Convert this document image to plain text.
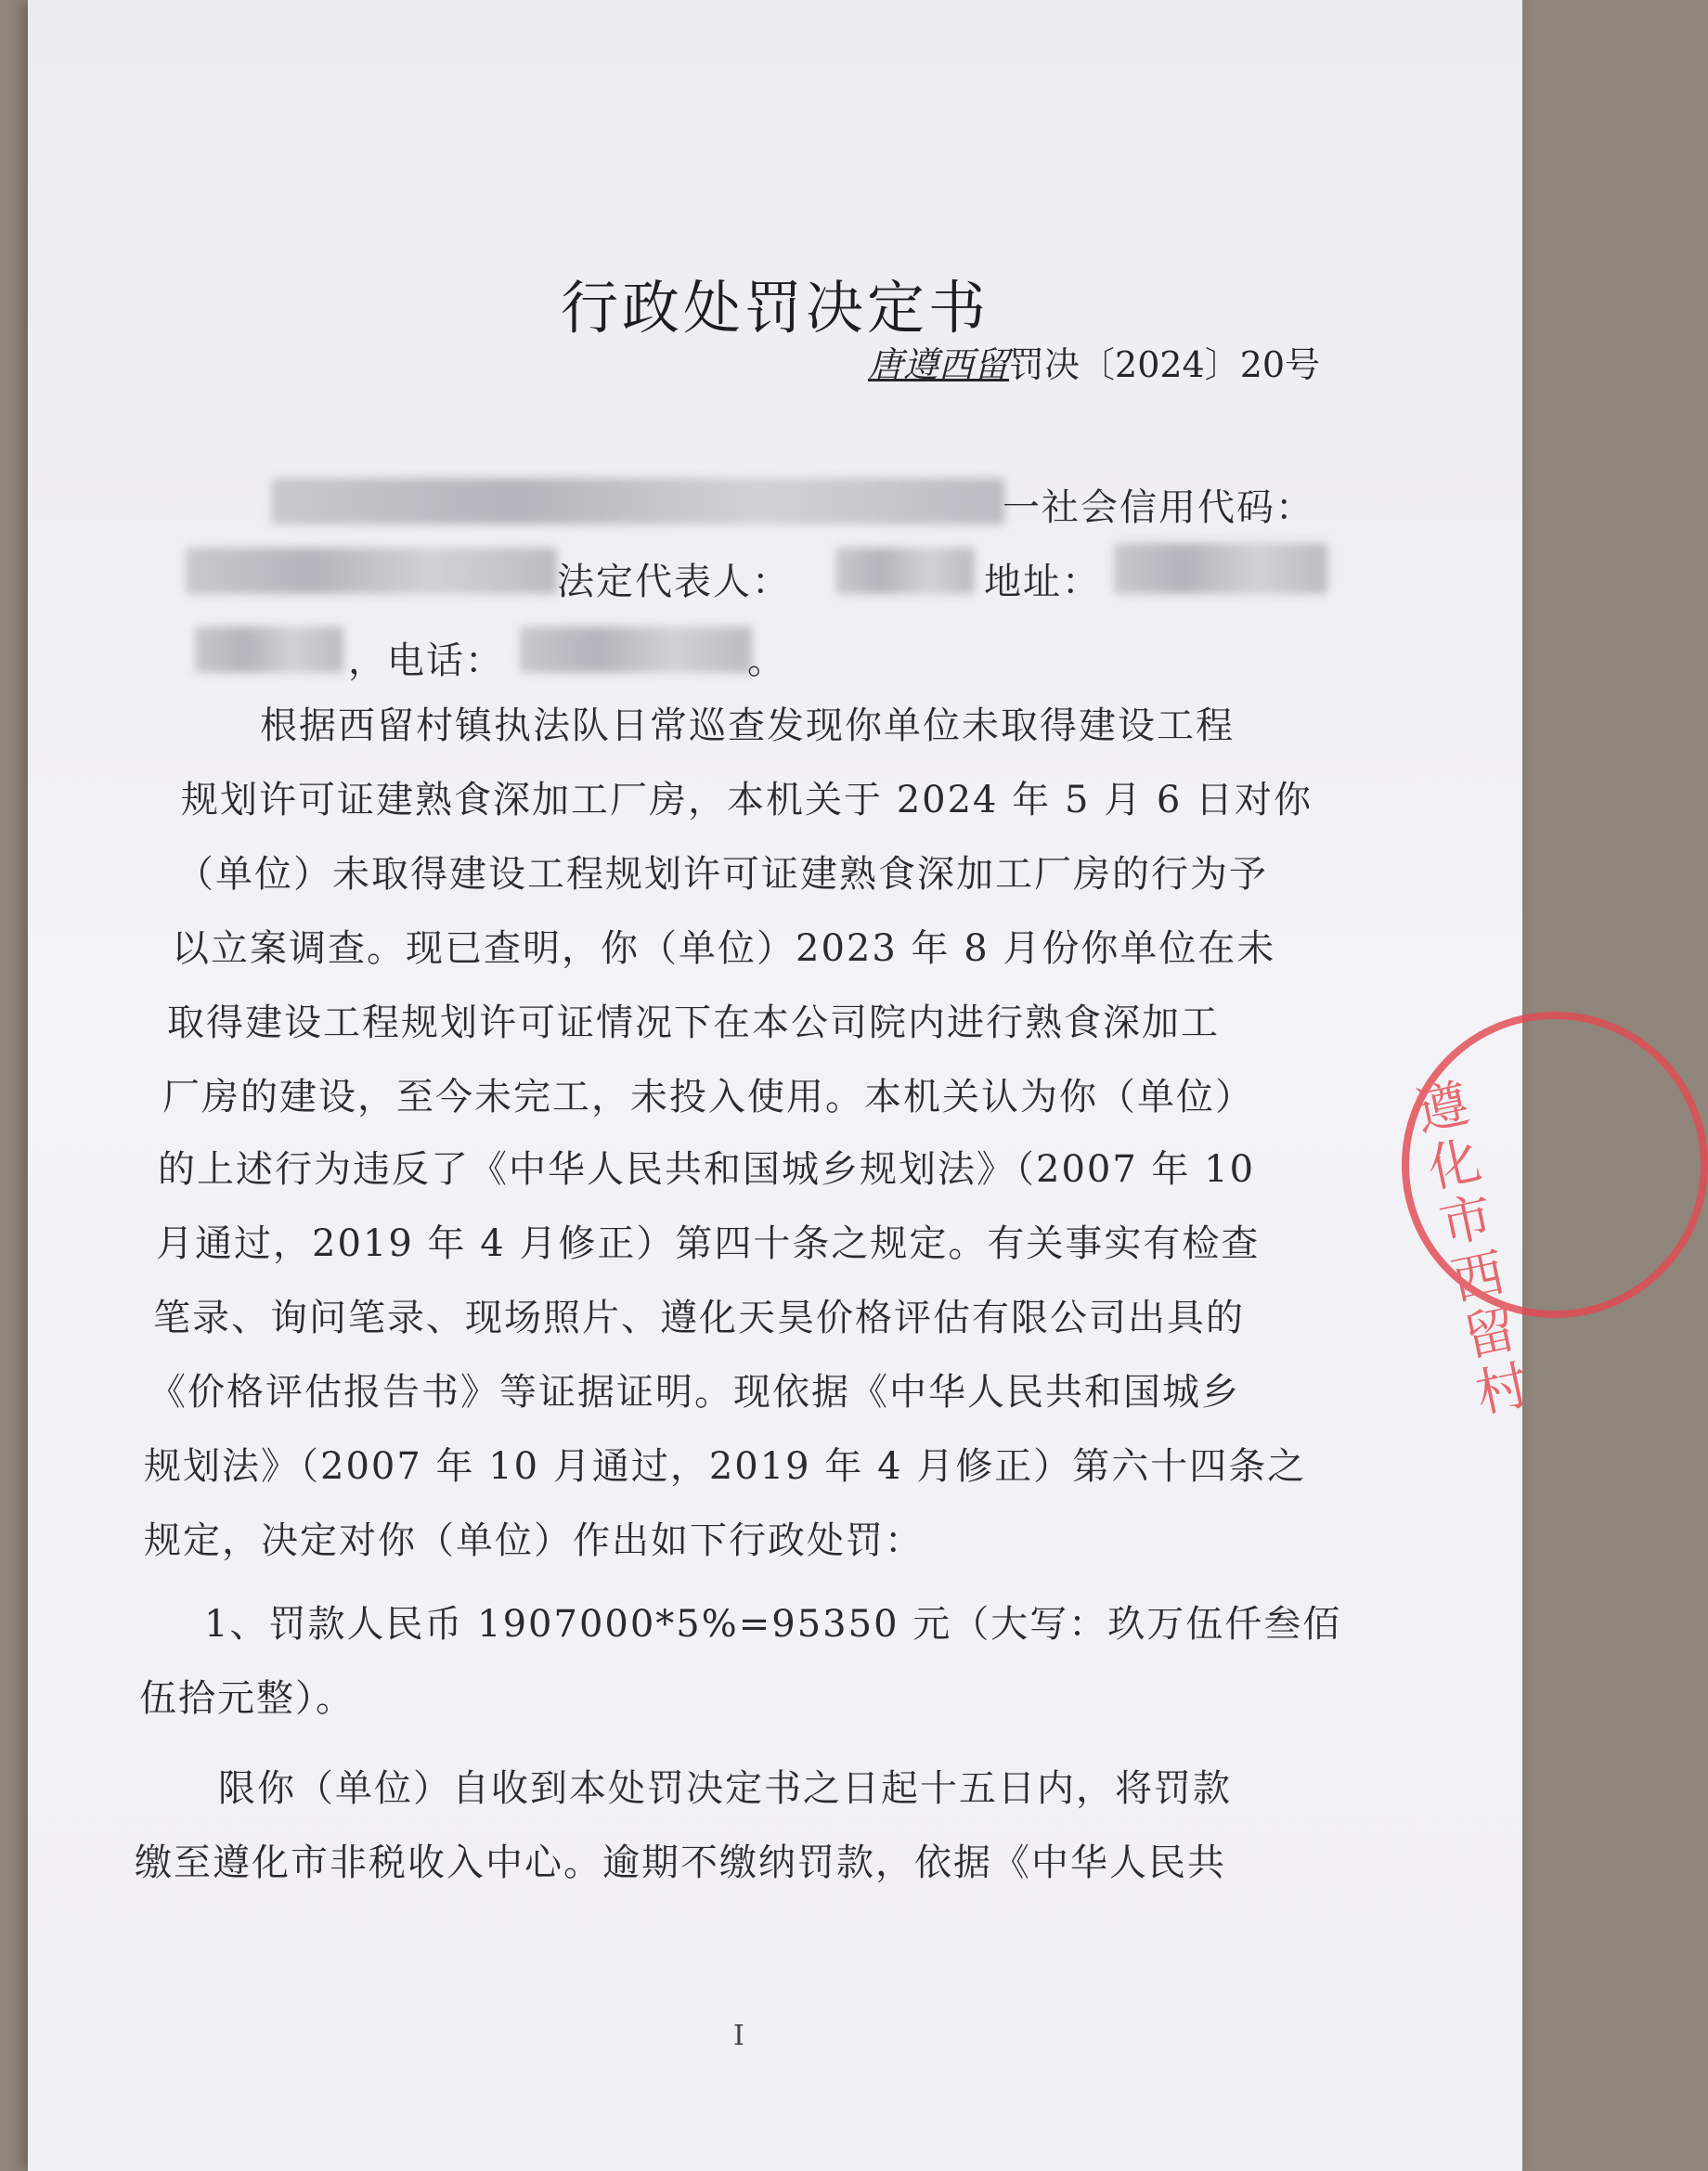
行政处罚决定书
唐遵西留罚决〔2024〕20号
一社会信用代码：
法定代表人：	地址：
，电话：	。
根据西留村镇执法队日常巡查发现你单位未取得建设工程
规划许可证建熟食深加工厂房，本机关于 2024 年 5 月 6 日对你
（单位）未取得建设工程规划许可证建熟食深加工厂房的行为予
以立案调查。现已查明，你（单位）2023 年 8 月份你单位在未
取得建设工程规划许可证情况下在本公司院内进行熟食深加工
厂房的建设，至今未完工，未投入使用。本机关认为你（单位）
的上述行为违反了《中华人民共和国城乡规划法》（2007 年 10
月通过，2019 年 4 月修正）第四十条之规定。有关事实有检查
笔录、询问笔录、现场照片、遵化天昊价格评估有限公司出具的
《价格评估报告书》等证据证明。现依据《中华人民共和国城乡
规划法》（2007 年 10 月通过，2019 年 4 月修正）第六十四条之
规定，决定对你（单位）作出如下行政处罚：
1、罚款人民币 1907000*5%=95350 元（大写：玖万伍仟叁佰
伍拾元整）。
限你（单位）自收到本处罚决定书之日起十五日内，将罚款
缴至遵化市非税收入中心。逾期不缴纳罚款，依据《中华人民共
遵化市西留村
I
